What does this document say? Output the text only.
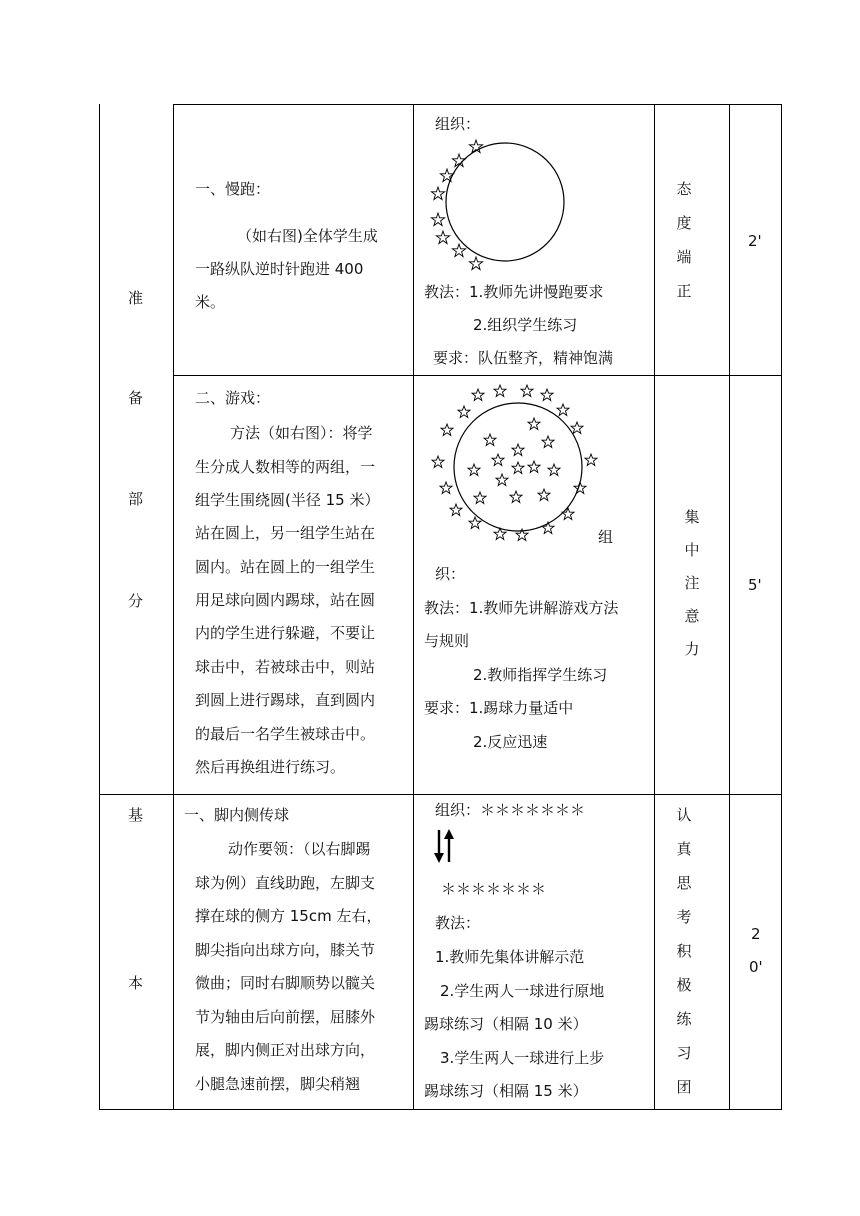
准
备
部
分
一、慢跑：
（如右图)全体学生成
一路纵队逆时针跑进 400
米。
组织：
教法：1.教师先讲慢跑要求
2.组织学生练习
要求：队伍整齐，精神饱满
态
度
端
正
2'
二、游戏：
方法（如右图）：将学
生分成人数相等的两组，一
组学生围绕圆(半径 15 米）
站在圆上，另一组学生站在
圆内。站在圆上的一组学生
用足球向圆内踢球，站在圆
内的学生进行躲避，不要让
球击中，若被球击中，则站
到圆上进行踢球，直到圆内
的最后一名学生被球击中。
然后再换组进行练习。
组
织：
教法：1.教师先讲解游戏方法
与规则
2.教师指挥学生练习
要求：1.踢球力量适中
2.反应迅速
集
中
注
意
力
5'
基
本
一、脚内侧传球
动作要领：（以右脚踢
球为例）直线助跑，左脚支
撑在球的侧方 15cm 左右，
脚尖指向出球方向，膝关节
微曲；同时右脚顺势以髋关
节为轴由后向前摆，屈膝外
展，脚内侧正对出球方向，
小腿急速前摆，脚尖稍翘
组织：＊＊＊＊＊＊＊
＊＊＊＊＊＊＊
教法：
1.教师先集体讲解示范
2.学生两人一球进行原地
踢球练习（相隔 10 米）
3.学生两人一球进行上步
踢球练习（相隔 15 米）
认
真
思
考
积
极
练
习
团
2
0'
